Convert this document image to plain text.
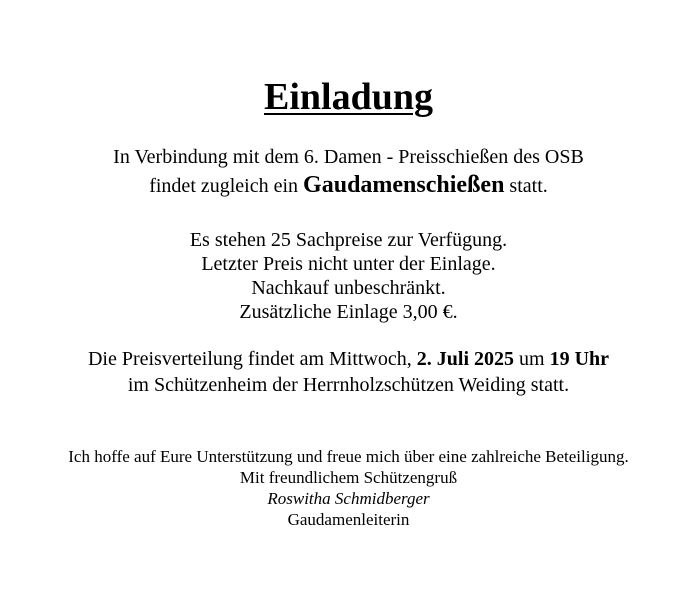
Einladung
In Verbindung mit dem 6. Damen - Preisschießen des OSB
findet zugleich ein Gaudamenschießen statt.
Es stehen 25 Sachpreise zur Verfügung.
Letzter Preis nicht unter der Einlage.
Nachkauf unbeschränkt.
Zusätzliche Einlage 3,00 €.
Die Preisverteilung findet am Mittwoch, 2. Juli 2025 um 19 Uhr
im Schützenheim der Herrnholzschützen Weiding statt.
Ich hoffe auf Eure Unterstützung und freue mich über eine zahlreiche Beteiligung.
Mit freundlichem Schützengruß
Roswitha Schmidberger
Gaudamenleiterin
